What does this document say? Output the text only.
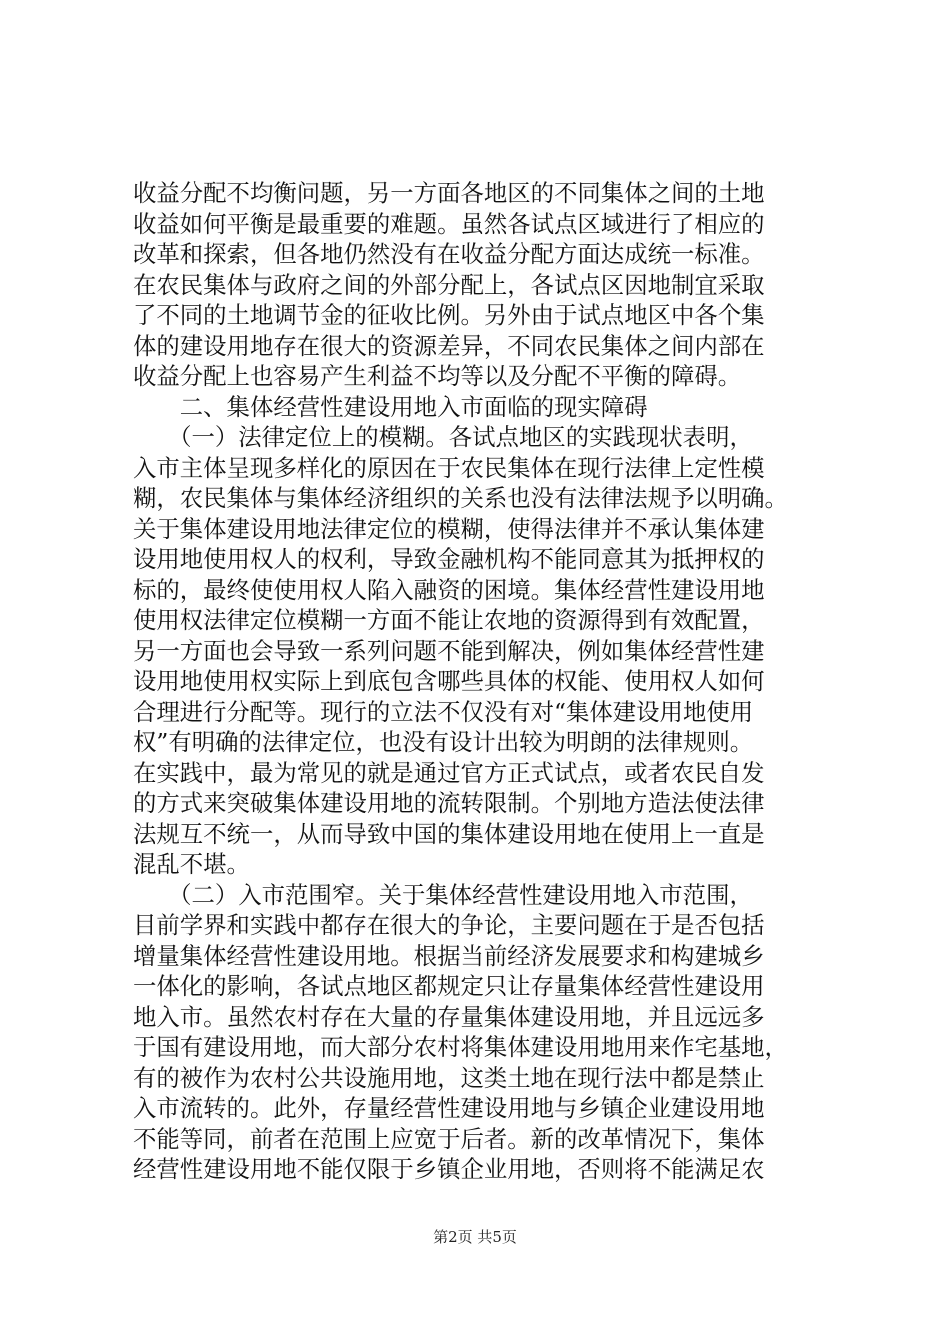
收益分配不均衡问题，另一方面各地区的不同集体之间的土地
收益如何平衡是最重要的难题。虽然各试点区域进行了相应的
改革和探索，但各地仍然没有在收益分配方面达成统一标准。
在农民集体与政府之间的外部分配上，各试点区因地制宜采取
了不同的土地调节金的征收比例。另外由于试点地区中各个集
体的建设用地存在很大的资源差异，不同农民集体之间内部在
收益分配上也容易产生利益不均等以及分配不平衡的障碍。
　　二、集体经营性建设用地入市面临的现实障碍
　　（一）法律定位上的模糊。各试点地区的实践现状表明，
入市主体呈现多样化的原因在于农民集体在现行法律上定性模
糊，农民集体与集体经济组织的关系也没有法律法规予以明确。
关于集体建设用地法律定位的模糊，使得法律并不承认集体建
设用地使用权人的权利，导致金融机构不能同意其为抵押权的
标的，最终使使用权人陷入融资的困境。集体经营性建设用地
使用权法律定位模糊一方面不能让农地的资源得到有效配置，
另一方面也会导致一系列问题不能到解决，例如集体经营性建
设用地使用权实际上到底包含哪些具体的权能、使用权人如何
合理进行分配等。现行的立法不仅没有对“集体建设用地使用
权”有明确的法律定位，也没有设计出较为明朗的法律规则。
在实践中，最为常见的就是通过官方正式试点，或者农民自发
的方式来突破集体建设用地的流转限制。个别地方造法使法律
法规互不统一，从而导致中国的集体建设用地在使用上一直是
混乱不堪。
　　（二）入市范围窄。关于集体经营性建设用地入市范围，
目前学界和实践中都存在很大的争论，主要问题在于是否包括
增量集体经营性建设用地。根据当前经济发展要求和构建城乡
一体化的影响，各试点地区都规定只让存量集体经营性建设用
地入市。虽然农村存在大量的存量集体建设用地，并且远远多
于国有建设用地，而大部分农村将集体建设用地用来作宅基地，
有的被作为农村公共设施用地，这类土地在现行法中都是禁止
入市流转的。此外，存量经营性建设用地与乡镇企业建设用地
不能等同，前者在范围上应宽于后者。新的改革情况下，集体
经营性建设用地不能仅限于乡镇企业用地，否则将不能满足农
第2页 共5页
